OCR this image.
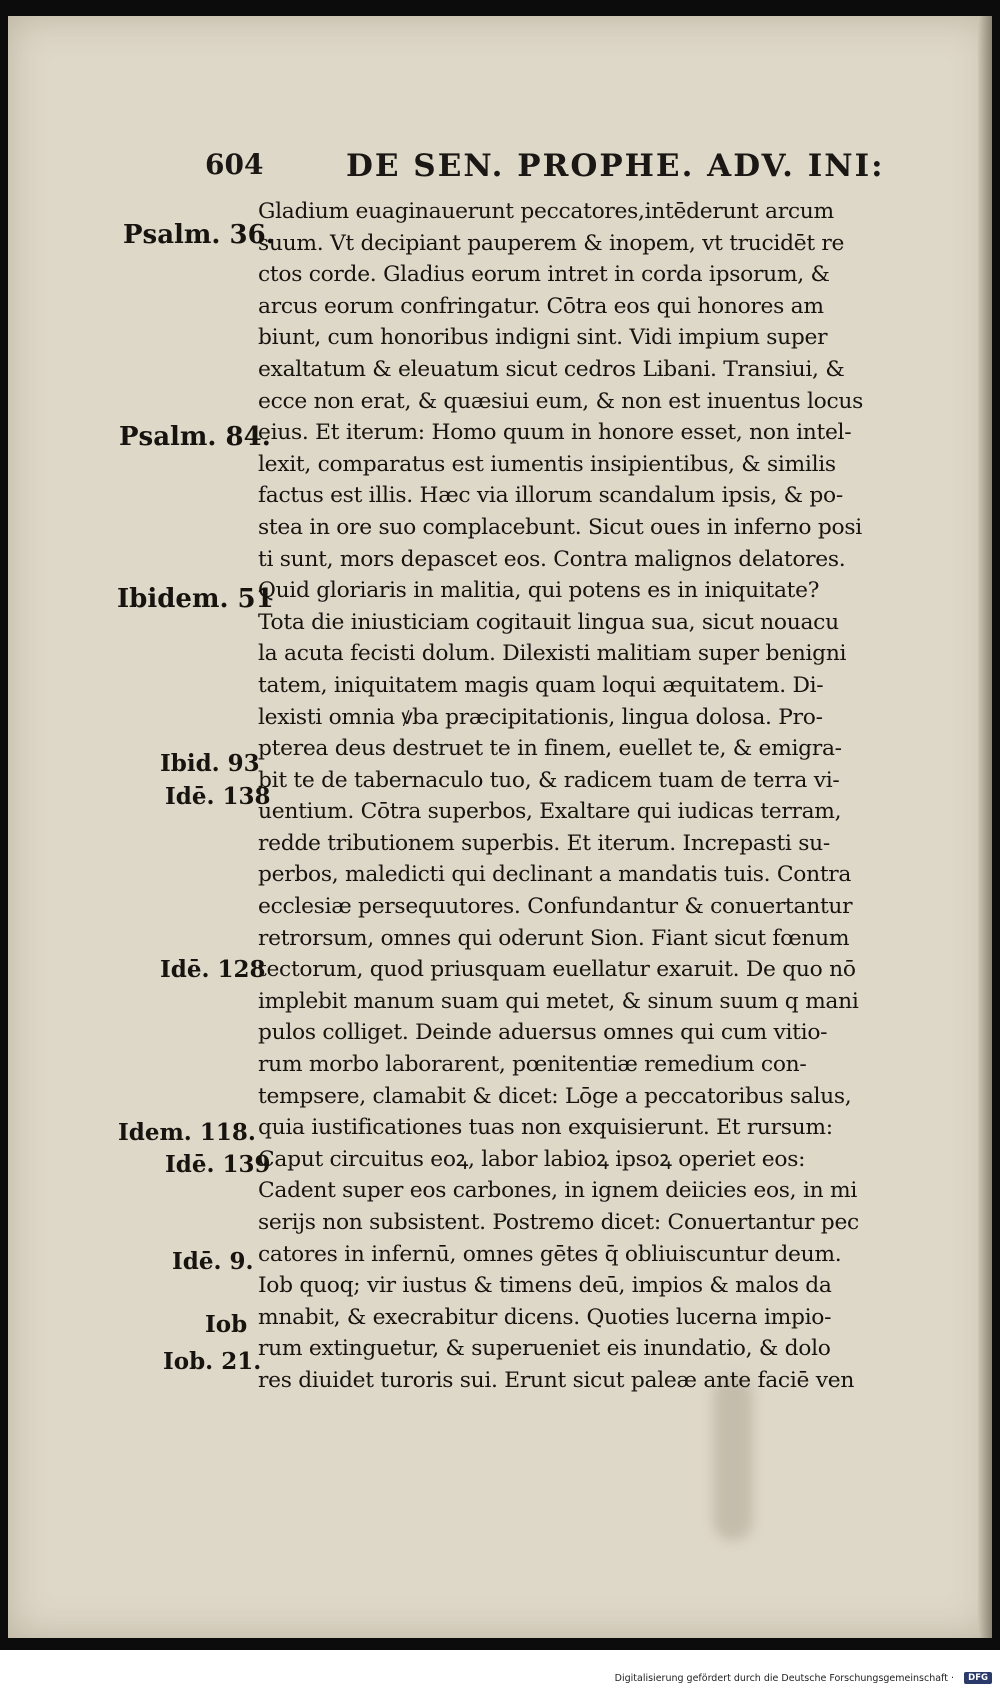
604	DE SEN. PROPHE. ADV. INI:
Gladium euaginauerunt peccatores,intēderunt arcum
suum. Vt decipiant pauperem & inopem, vt trucidēt re
ctos corde. Gladius eorum intret in corda ipsorum, &
arcus eorum confringatur. Cōtra eos qui honores am
biunt, cum honoribus indigni sint. Vidi impium super
exaltatum & eleuatum sicut cedros Libani. Transiui, &
ecce non erat, & quæsiui eum, & non est inuentus locus
eius. Et iterum: Homo quum in honore esset, non intel-
lexit, comparatus est iumentis insipientibus, & similis
factus est illis. Hæc via illorum scandalum ipsis, & po-
stea in ore suo complacebunt. Sicut oues in inferno posi
ti sunt, mors depascet eos. Contra malignos delatores.
Quid gloriaris in malitia, qui potens es in iniquitate?
Tota die iniusticiam cogitauit lingua sua, sicut nouacu
la acuta fecisti dolum. Dilexisti malitiam super benigni
tatem, iniquitatem magis quam loqui æquitatem. Di-
lexisti omnia ꝟba præcipitationis, lingua dolosa. Pro-
pterea deus destruet te in finem, euellet te, & emigra-
bit te de tabernaculo tuo, & radicem tuam de terra vi-
uentium. Cōtra superbos, Exaltare qui iudicas terram,
redde tributionem superbis. Et iterum. Increpasti su-
perbos, maledicti qui declinant a mandatis tuis. Contra
ecclesiæ persequutores. Confundantur & conuertantur
retrorsum, omnes qui oderunt Sion. Fiant sicut fœnum
tectorum, quod priusquam euellatur exaruit. De quo nō
implebit manum suam qui metet, & sinum suum q mani
pulos colliget. Deinde aduersus omnes qui cum vitio-
rum morbo laborarent, pœnitentiæ remedium con-
tempsere, clamabit & dicet: Lōge a peccatoribus salus,
quia iustificationes tuas non exquisierunt. Et rursum:
Caput circuitus eoꝝ, labor labioꝝ ipsoꝝ operiet eos:
Cadent super eos carbones, in ignem deiicies eos, in mi
serijs non subsistent. Postremo dicet: Conuertantur pec
catores in infernū, omnes gētes q̄ obliuiscuntur deum.
Iob quoq; vir iustus & timens deū, impios & malos da
mnabit, & execrabitur dicens. Quoties lucerna impio-
rum extinguetur, & superueniet eis inundatio, & dolo
res diuidet turoris sui. Erunt sicut paleæ ante faciē ven
Psalm. 36.
Psalm. 84.
Ibidem. 51
Ibid. 93
Idē. 138
Idē. 128
Idem. 118.
Idē. 139
Idē. 9.
Iob
Iob. 21.
Digitalisierung gefördert durch die Deutsche Forschungsgemeinschaft ·	DFG
